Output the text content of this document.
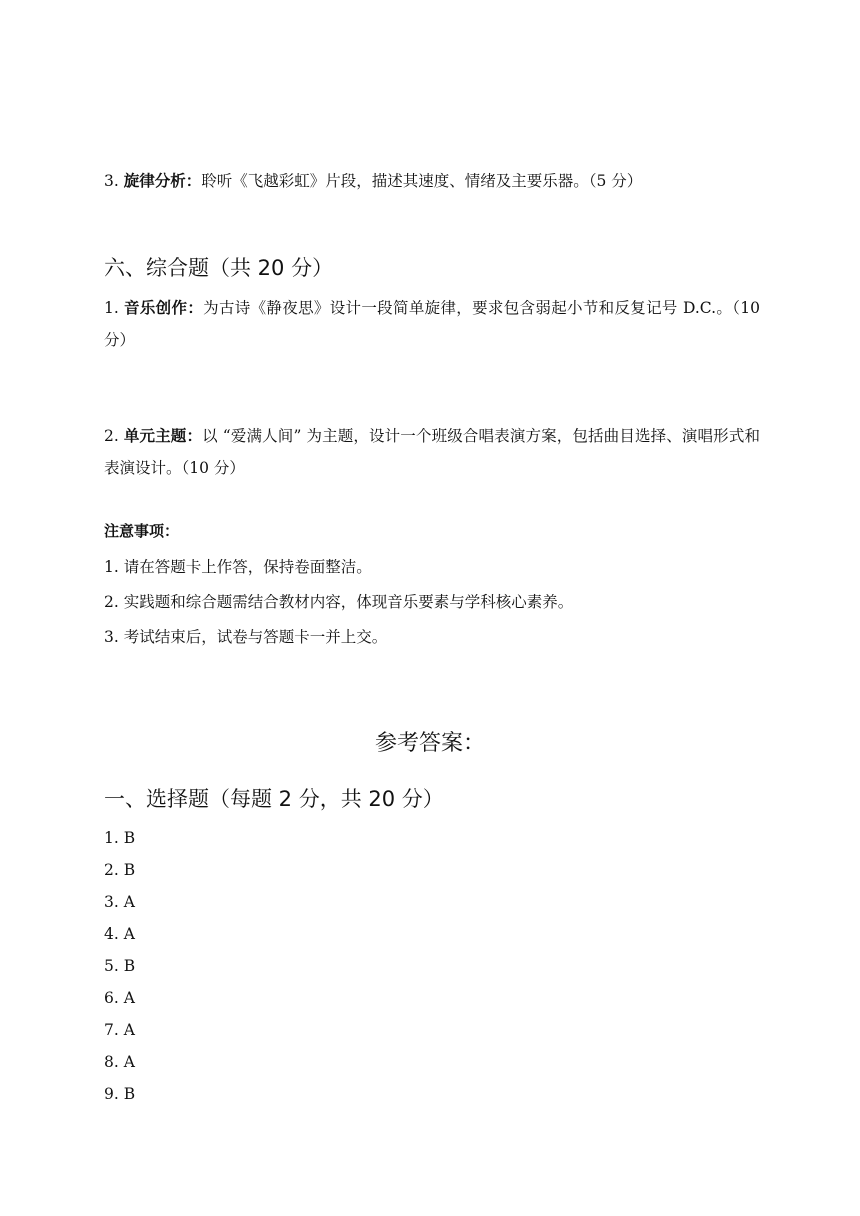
3. 旋律分析：聆听《飞越彩虹》片段，描述其速度、情绪及主要乐器。（5 分）
六、综合题（共 20 分）
1. 音乐创作：为古诗《静夜思》设计一段简单旋律，要求包含弱起小节和反复记号 D.C.。（10 分）
2. 单元主题：以 “爱满人间” 为主题，设计一个班级合唱表演方案，包括曲目选择、演唱形式和表演设计。（10 分）
注意事项：
1. 请在答题卡上作答，保持卷面整洁。
2. 实践题和综合题需结合教材内容，体现音乐要素与学科核心素养。
3. 考试结束后，试卷与答题卡一并上交。
参考答案：
一、选择题（每题 2 分，共 20 分）
1. B
2. B
3. A
4. A
5. B
6. A
7. A
8. A
9. B
